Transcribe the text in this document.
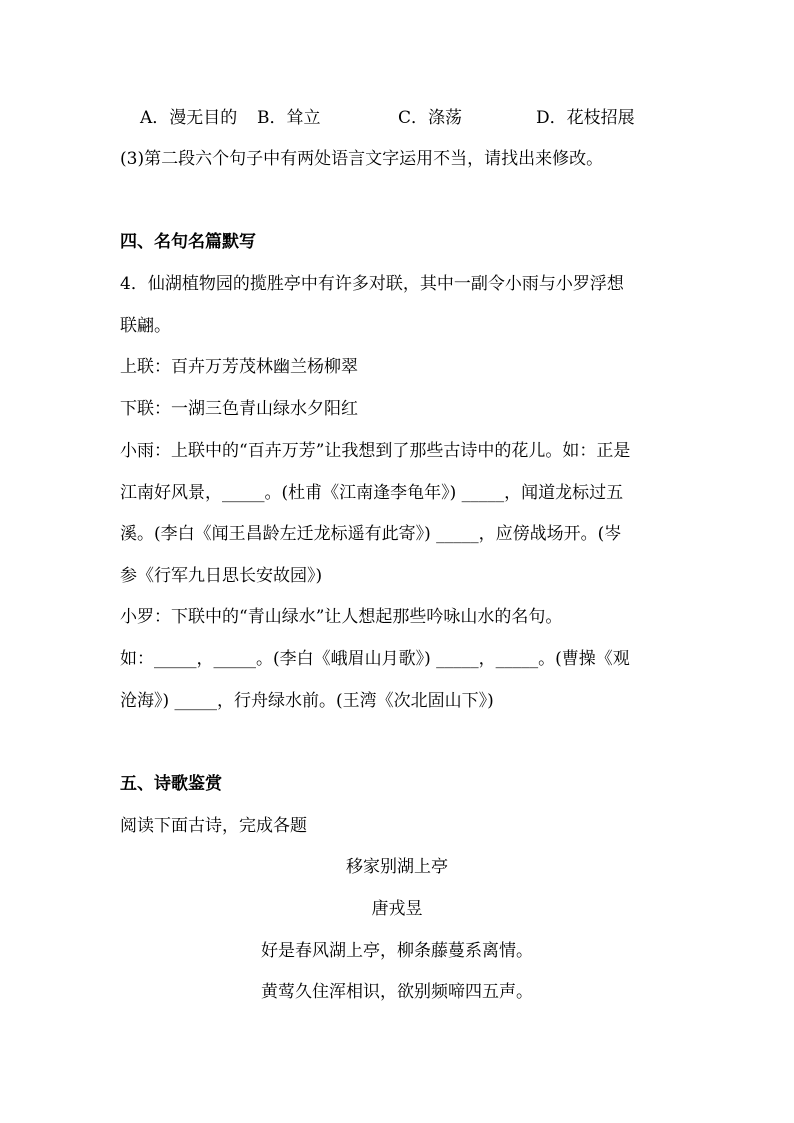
A．漫无目的 B．耸立	C．涤荡	D．花枝招展

(3)第二段六个句子中有两处语言文字运用不当，请找出来修改。

四、名句名篇默写

4．仙湖植物园的揽胜亭中有许多对联，其中一副令小雨与小罗浮想

联翩。

上联：百卉万芳茂林幽兰杨柳翠

下联：一湖三色青山绿水夕阳红

小雨：上联中的“百卉万芳”让我想到了那些古诗中的花儿。如：正是

江南好风景，_____。(杜甫《江南逢李龟年》) _____，闻道龙标过五

溪。(李白《闻王昌龄左迁龙标遥有此寄》) _____，应傍战场开。(岑

参《行军九日思长安故园》)

小罗：下联中的“青山绿水”让人想起那些吟咏山水的名句。

如：_____，_____。(李白《峨眉山月歌》) _____，_____。(曹操《观

沧海》) _____，行舟绿水前。(王湾《次北固山下》)

五、诗歌鉴赏

阅读下面古诗，完成各题

移家别湖上亭

唐戎昱

好是春风湖上亭，柳条藤蔓系离情。

黄莺久住浑相识，欲别频啼四五声。
